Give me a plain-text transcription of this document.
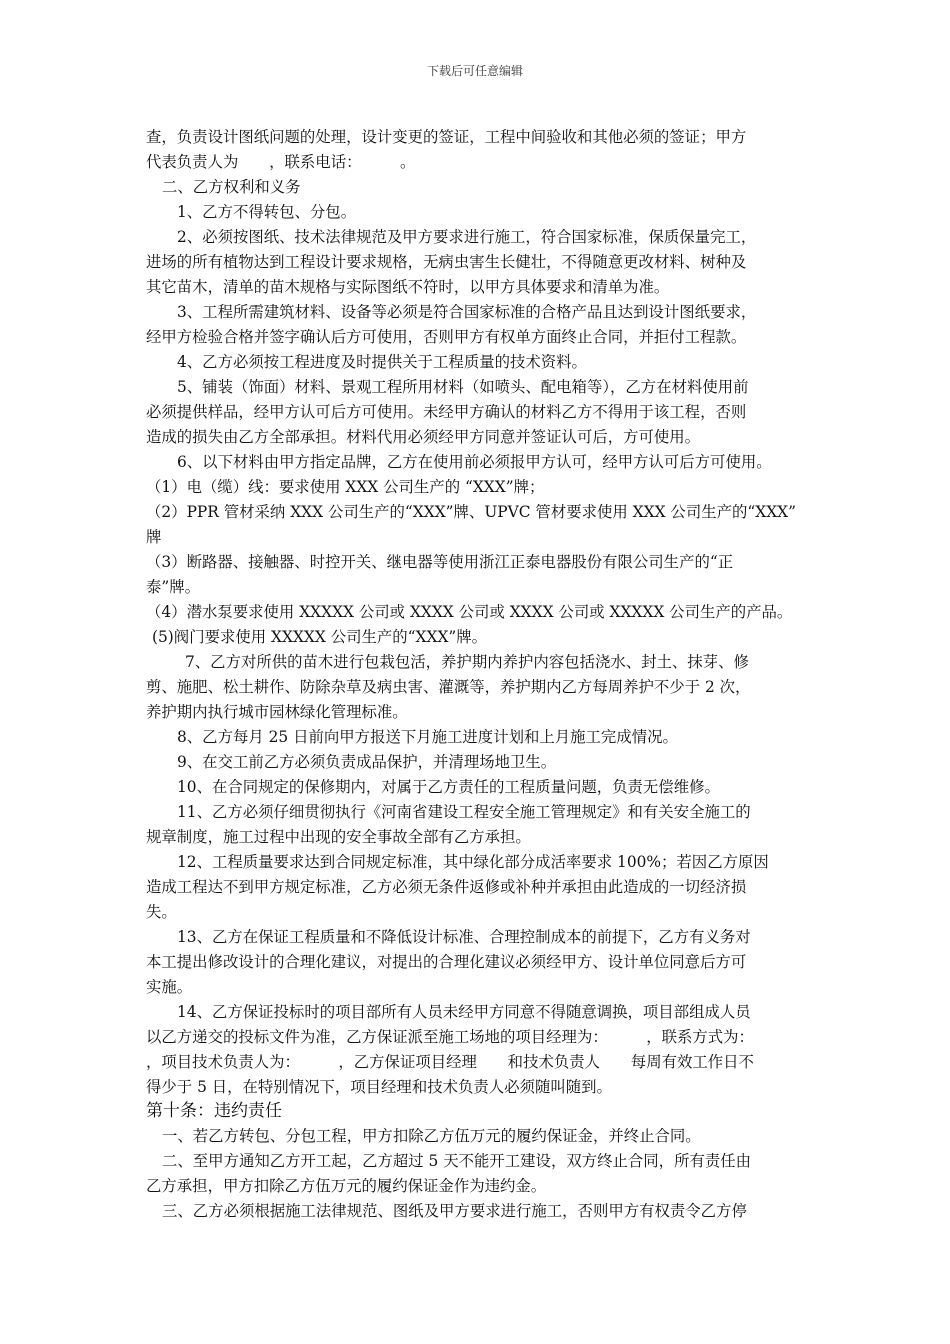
下载后可任意编辑
查，负责设计图纸问题的处理，设计变更的签证，工程中间验收和其他必须的签证；甲方
代表负责人为　　，联系电话：　　　。
二、乙方权利和义务
1、乙方不得转包、分包。
2、必须按图纸、技术法律规范及甲方要求进行施工，符合国家标准，保质保量完工，
进场的所有植物达到工程设计要求规格，无病虫害生长健壮，不得随意更改材料、树种及
其它苗木，清单的苗木规格与实际图纸不符时，以甲方具体要求和清单为准。
3、工程所需建筑材料、设备等必须是符合国家标准的合格产品且达到设计图纸要求，
经甲方检验合格并签字确认后方可使用，否则甲方有权单方面终止合同，并拒付工程款。
4、乙方必须按工程进度及时提供关于工程质量的技术资料。
5、铺装（饰面）材料、景观工程所用材料（如喷头、配电箱等），乙方在材料使用前
必须提供样品，经甲方认可后方可使用。未经甲方确认的材料乙方不得用于该工程，否则
造成的损失由乙方全部承担。材料代用必须经甲方同意并签证认可后，方可使用。
6、以下材料由甲方指定品牌，乙方在使用前必须报甲方认可，经甲方认可后方可使用。
（1）电（缆）线：要求使用 XXX 公司生产的 “XXX”牌；
（2）PPR 管材采纳 XXX 公司生产的“XXX”牌、UPVC 管材要求使用 XXX 公司生产的“XXX”
牌
（3）断路器、接触器、时控开关、继电器等使用浙江正泰电器股份有限公司生产的“正
泰”牌。
（4）潜水泵要求使用 XXXXX 公司或 XXXX 公司或 XXXX 公司或 XXXXX 公司生产的产品。
(5)阀门要求使用 XXXXX 公司生产的“XXX”牌。
7、乙方对所供的苗木进行包栽包活，养护期内养护内容包括浇水、封土、抹芽、修
剪、施肥、松土耕作、防除杂草及病虫害、灌溉等，养护期内乙方每周养护不少于 2 次，
养护期内执行城市园林绿化管理标准。
8、乙方每月 25 日前向甲方报送下月施工进度计划和上月施工完成情况。
9、在交工前乙方必须负责成品保护，并清理场地卫生。
10、在合同规定的保修期内，对属于乙方责任的工程质量问题，负责无偿维修。
11、乙方必须仔细贯彻执行《河南省建设工程安全施工管理规定》和有关安全施工的
规章制度，施工过程中出现的安全事故全部有乙方承担。
12、工程质量要求达到合同规定标准，其中绿化部分成活率要求 100%；若因乙方原因
造成工程达不到甲方规定标准，乙方必须无条件返修或补种并承担由此造成的一切经济损
失。
13、乙方在保证工程质量和不降低设计标准、合理控制成本的前提下，乙方有义务对
本工提出修改设计的合理化建议，对提出的合理化建议必须经甲方、设计单位同意后方可
实施。
14、乙方保证投标时的项目部所有人员未经甲方同意不得随意调换，项目部组成人员
以乙方递交的投标文件为准，乙方保证派至施工场地的项目经理为：　　　，联系方式为：
，项目技术负责人为：　　　，乙方保证项目经理　　和技术负责人　　每周有效工作日不
得少于 5 日，在特别情况下，项目经理和技术负责人必须随叫随到。
第十条：违约责任
一、若乙方转包、分包工程，甲方扣除乙方伍万元的履约保证金，并终止合同。
二、至甲方通知乙方开工起，乙方超过 5 天不能开工建设，双方终止合同，所有责任由
乙方承担，甲方扣除乙方伍万元的履约保证金作为违约金。
三、乙方必须根据施工法律规范、图纸及甲方要求进行施工，否则甲方有权责令乙方停
